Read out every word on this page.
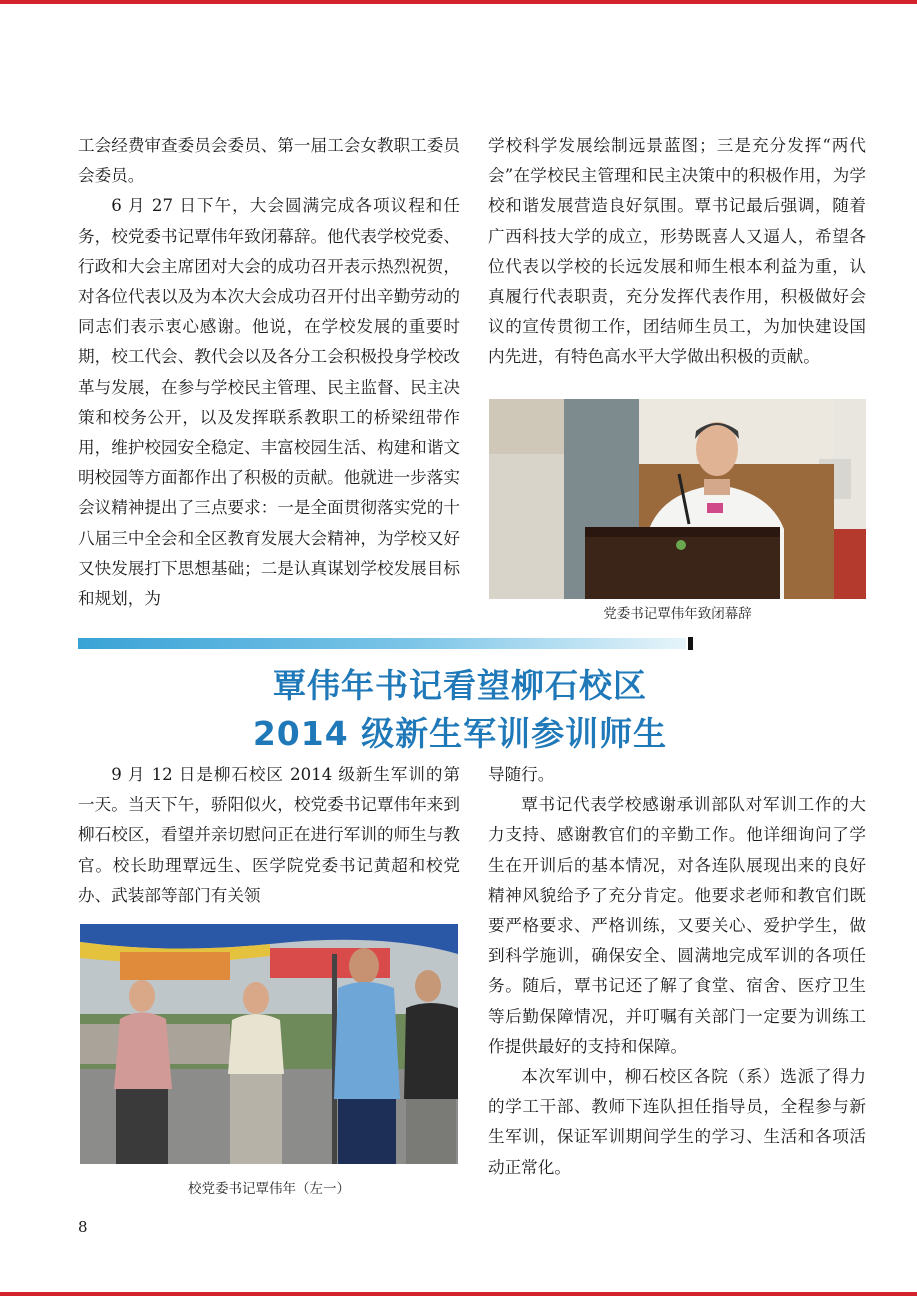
工会经费审查委员会委员、第一届工会女教职工委员会委员。

6 月 27 日下午，大会圆满完成各项议程和任务，校党委书记覃伟年致闭幕辞。他代表学校党委、行政和大会主席团对大会的成功召开表示热烈祝贺，对各位代表以及为本次大会成功召开付出辛勤劳动的同志们表示衷心感谢。他说，在学校发展的重要时期，校工代会、教代会以及各分工会积极投身学校改革与发展，在参与学校民主管理、民主监督、民主决策和校务公开，以及发挥联系教职工的桥梁纽带作用，维护校园安全稳定、丰富校园生活、构建和谐文明校园等方面都作出了积极的贡献。他就进一步落实会议精神提出了三点要求：一是全面贯彻落实党的十八届三中全会和全区教育发展大会精神，为学校又好又快发展打下思想基础；二是认真谋划学校发展目标和规划，为

学校科学发展绘制远景蓝图；三是充分发挥“两代会”在学校民主管理和民主决策中的积极作用，为学校和谐发展营造良好氛围。覃书记最后强调，随着广西科技大学的成立，形势既喜人又逼人，希望各位代表以学校的长远发展和师生根本利益为重，认真履行代表职责，充分发挥代表作用，积极做好会议的宣传贯彻工作，团结师生员工，为加快建设国内先进，有特色高水平大学做出积极的贡献。

党委书记覃伟年致闭幕辞
覃伟年书记看望柳石校区
2014 级新生军训参训师生

9 月 12 日是柳石校区 2014 级新生军训的第一天。当天下午，骄阳似火，校党委书记覃伟年来到柳石校区，看望并亲切慰问正在进行军训的师生与教官。校长助理覃远生、医学院党委书记黄超和校党办、武装部等部门有关领

导随行。

覃书记代表学校感谢承训部队对军训工作的大力支持、感谢教官们的辛勤工作。他详细询问了学生在开训后的基本情况，对各连队展现出来的良好精神风貌给予了充分肯定。他要求老师和教官们既要严格要求、严格训练，又要关心、爱护学生，做到科学施训，确保安全、圆满地完成军训的各项任务。随后，覃书记还了解了食堂、宿舍、医疗卫生等后勤保障情况，并叮嘱有关部门一定要为训练工作提供最好的支持和保障。

本次军训中，柳石校区各院（系）选派了得力的学工干部、教师下连队担任指导员，全程参与新生军训，保证军训期间学生的学习、生活和各项活动正常化。

校党委书记覃伟年（左一）
8
